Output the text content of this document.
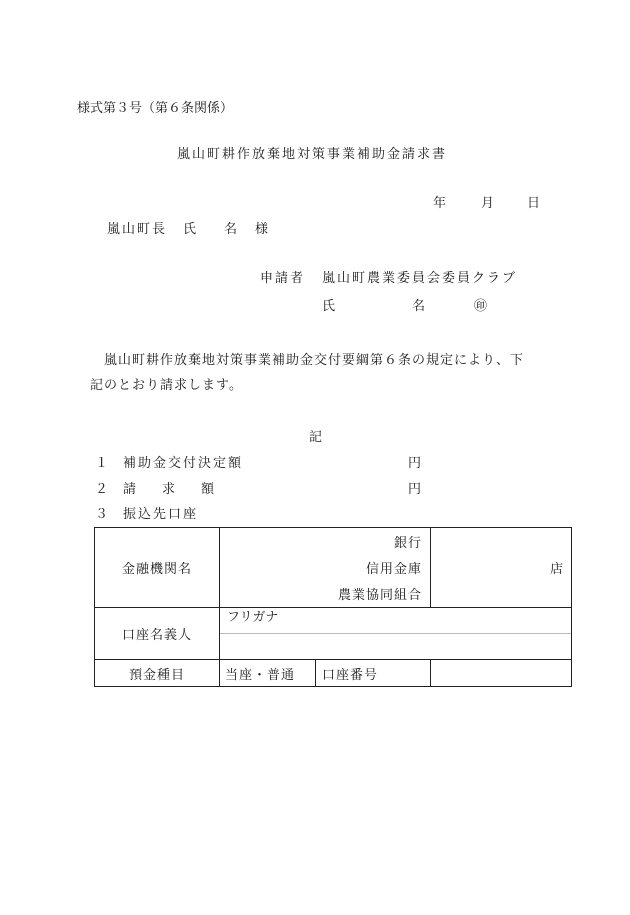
様式第３号（第６条関係）
嵐山町耕作放棄地対策事業補助金請求書
年	月	日
嵐山町長 氏 名 様
申請者 嵐山町農業委員会委員クラブ
氏	名	㊞
嵐山町耕作放棄地対策事業補助金交付要綱第６条の規定により、下
記のとおり請求します。
記
１ 補助金交付決定額	円
２ 請　　求　　額	円
３ 振込先口座
金融機関名	銀行
信用金庫
農業協同組合		店
口座名義人	フリガナ		

預金種目	当座・普通	口座番号	
